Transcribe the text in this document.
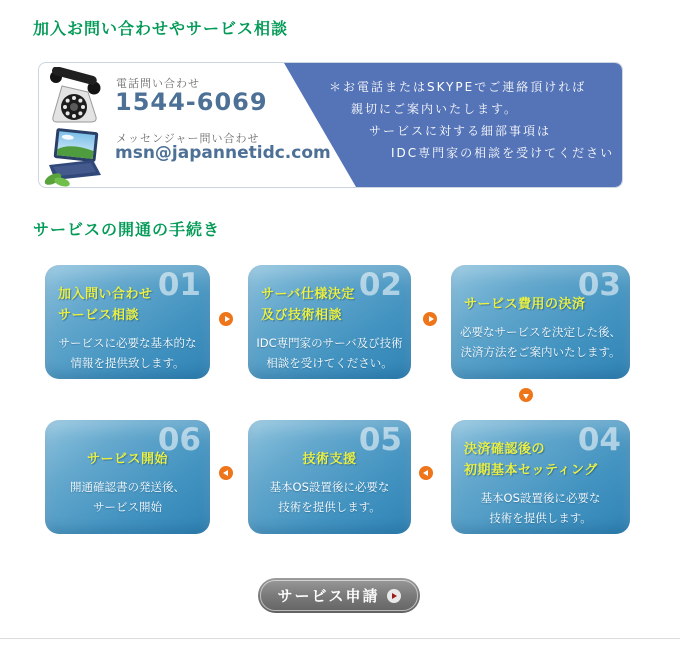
加入お問い合わせやサービス相談
電話問い合わせ
1544-6069
メッセンジャー問い合わせ
msn@japannetidc.com
＊お電話またはSKYPEでご連絡頂ければ
親切にご案内いたします。
サービスに対する細部事項は
IDC専門家の相談を受けてください
サービスの開通の手続き
01
加入問い合わせ
サービス相談
サービスに必要な基本的な
情報を提供致します。
02
サーバ仕様決定
及び技術相談
IDC専門家のサーバ及び技術
相談を受けてください。
03
サービス費用の決済
必要なサービスを決定した後、
決済方法をご案内いたします。
06
サービス開始
開通確認書の発送後、
サービス開始
05
技術支援
基本OS設置後に必要な
技術を提供します。
04
決済確認後の
初期基本セッティング
基本OS設置後に必要な
技術を提供します。
サービス申請
